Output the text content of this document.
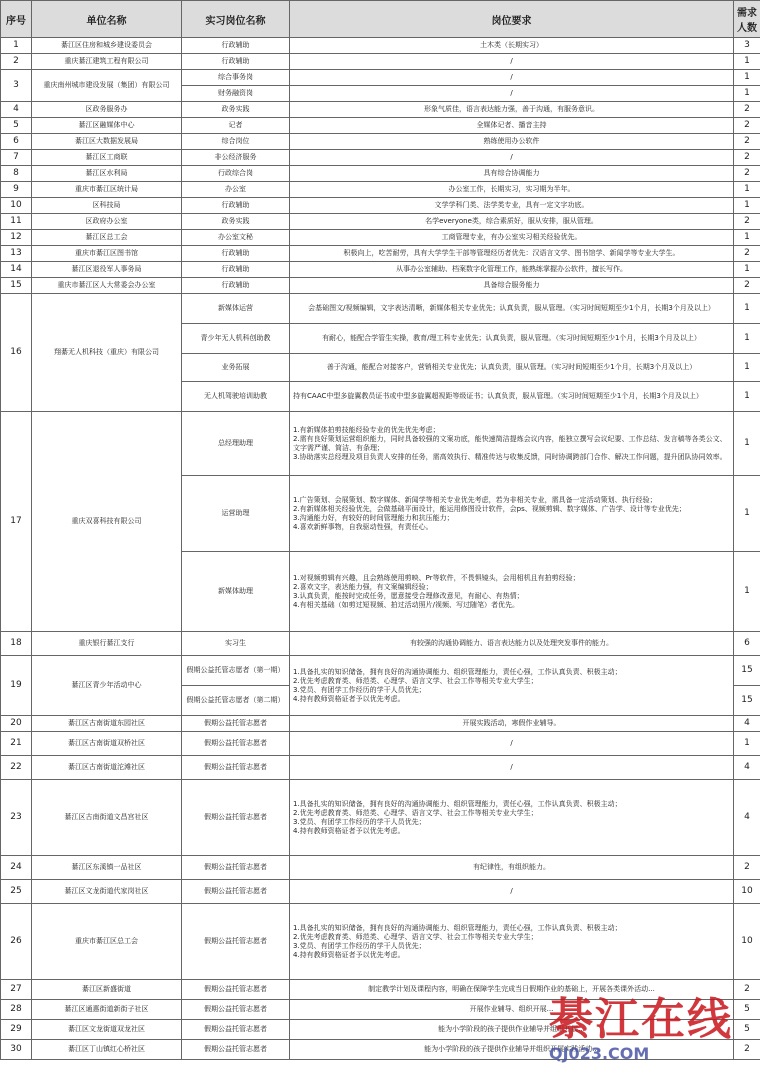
序号	单位名称	实习岗位名称	岗位要求	需求人数
1	綦江区住房和城乡建设委员会	行政辅助	土木类（长期实习）	3
2	重庆綦江建筑工程有限公司	行政辅助	/	1
3	重庆南州城市建设发展（集团）有限公司	综合事务岗	/	1
		财务融资岗	/	1
4	区政务服务办	政务实践	形象气质佳，语言表达能力强，善于沟通，有服务意识。	2
5	綦江区融媒体中心	记者	全媒体记者、播音主持	2
6	綦江区大数据发展局	综合岗位	熟练使用办公软件	2
7	綦江区工商联	非公经济服务	/	2
8	綦江区水利局	行政综合岗	具有综合协调能力	2
9	重庆市綦江区统计局	办公室	办公室工作，长期实习，实习期为半年。	1
10	区科技局	行政辅助	文学学科门类、法学类专业，具有一定文字功底。	1
11	区政府办公室	政务实践	名学everyone类，综合素质好，服从安排，服从管理。	2
12	綦江区总工会	办公室文秘	工商管理专业，有办公室实习相关经验优先。	1
13	重庆市綦江区图书馆	行政辅助	积极向上，吃苦耐劳，具有大学学生干部等管理经历者优先：汉语言文学、图书馆学、新闻学等专业大学生。	2
14	綦江区退役军人事务局	行政辅助	从事办公室辅助、档案数字化管理工作，能熟练掌握办公软件，擅长写作。	1
15	重庆市綦江区人大常委会办公室	行政辅助	具备综合服务能力	2
16	翔綦无人机科技（重庆）有限公司	新媒体运营	会基础图文/视频编辑，文字表达清晰，新媒体相关专业优先；认真负责，服从管理。（实习时间短期至少1个月，长期3个月及以上）	1
		青少年无人机科创助教	有耐心，能配合学管生实操，教育/理工科专业优先；认真负责，服从管理。（实习时间短期至少1个月，长期3个月及以上）	1
		业务拓展	善于沟通，能配合对接客户，营销相关专业优先；认真负责，服从管理。（实习时间短期至少1个月，长期3个月及以上）	1
		无人机驾驶培训助教	持有CAAC中型多旋翼教员证书或中型多旋翼超视距等级证书；认真负责，服从管理。（实习时间短期至少1个月，长期3个月及以上）	1
17	重庆双喜科技有限公司	总经理助理	1.有新媒体拍剪技能经验专业的优先优先考虑；
2.需有良好策划运营组织能力，同时具备较强的文案功底，能快速简洁提炼会议内容，能独立撰写会议纪要、工作总结、发言稿等各类公文、文字需严谨、简洁、有条理；
3.协助落实总经理及项目负责人安排的任务，需高效执行、精准传达与收集反馈，同时协调跨部门合作、解决工作问题，提升团队协同效率。	1
		运营助理	1.广告策划、会展策划、数字媒体、新闻学等相关专业优先考虑，若为非相关专业，需具备一定活动策划、执行经验；
2.有新媒体相关经验优先，会做基础平面设计，能运用修图设计软件，会ps、视频剪辑、数字媒体、广告学、设计等专业优先；
3.沟通能力好，有较好的时间管理能力和抗压能力；
4.喜欢新鲜事物，自我驱动性强，有责任心。	1
		新媒体助理	1.对视频剪辑有兴趣，且会熟练使用剪映、Pr等软件，不畏惧镜头，会用相机且有拍剪经验；
2.喜欢文字，表达能力强，有文案编辑经验；
3.认真负责，能按时完成任务，愿意接受合理修改意见，有耐心、有热情；
4.有相关基础（如剪过短视频、拍过活动照片/视频、写过随笔）者优先。	1
18	重庆银行綦江支行	实习生	有较强的沟通协调能力、语言表达能力以及处理突发事件的能力。	6
19	綦江区青少年活动中心	假期公益托管志愿者（第一期）	1.具备扎实的知识储备，拥有良好的沟通协调能力、组织管理能力，责任心强，工作认真负责、积极主动；
2.优先考虑教育类、师范类、心理学、语言文学、社会工作等相关专业大学生；
3.党员、有团学工作经历的学干人员优先；
4.持有教师资格证者予以优先考虑。	15
		假期公益托管志愿者（第二期）		15
20	綦江区古南街道东园社区	假期公益托管志愿者	开展实践活动，寒假作业辅导。	4
21	綦江区古南街道双桥社区	假期公益托管志愿者	/	1
22	綦江区古南街道沱滩社区	假期公益托管志愿者	/	4
23	綦江区古南街道文昌宫社区	假期公益托管志愿者	1.具备扎实的知识储备，拥有良好的沟通协调能力、组织管理能力，责任心强，工作认真负责、积极主动；
2.优先考虑教育类、师范类、心理学、语言文学、社会工作等相关专业大学生；
3.党员、有团学工作经历的学干人员优先；
4.持有教师资格证者予以优先考虑。	4
24	綦江区东溪镇一品社区	假期公益托管志愿者	有纪律性，有组织能力。	2
25	綦江区文龙街道代家岗社区	假期公益托管志愿者	/	10
26	重庆市綦江区总工会	假期公益托管志愿者	1.具备扎实的知识储备，拥有良好的沟通协调能力、组织管理能力，责任心强，工作认真负责、积极主动；
2.优先考虑教育类、师范类、心理学、语言文学、社会工作等相关专业大学生；
3.党员、有团学工作经历的学干人员优先；
4.持有教师资格证者予以优先考虑。	10
27	綦江区新盛街道	假期公益托管志愿者	制定教学计划及课程内容，明确在保障学生完成当日假期作业的基础上，开展各类课外活动...	2
28	綦江区通惠街道新街子社区	假期公益托管志愿者	开展作业辅导、组织开展...	5
29	綦江区文龙街道双龙社区	假期公益托管志愿者	能为小学阶段的孩子提供作业辅导并组织开展...	5
30	綦江区丁山镇红心桥社区	假期公益托管志愿者	能为小学阶段的孩子提供作业辅导并组织开展实践活动...	2
綦江在线
QJ023.COM
